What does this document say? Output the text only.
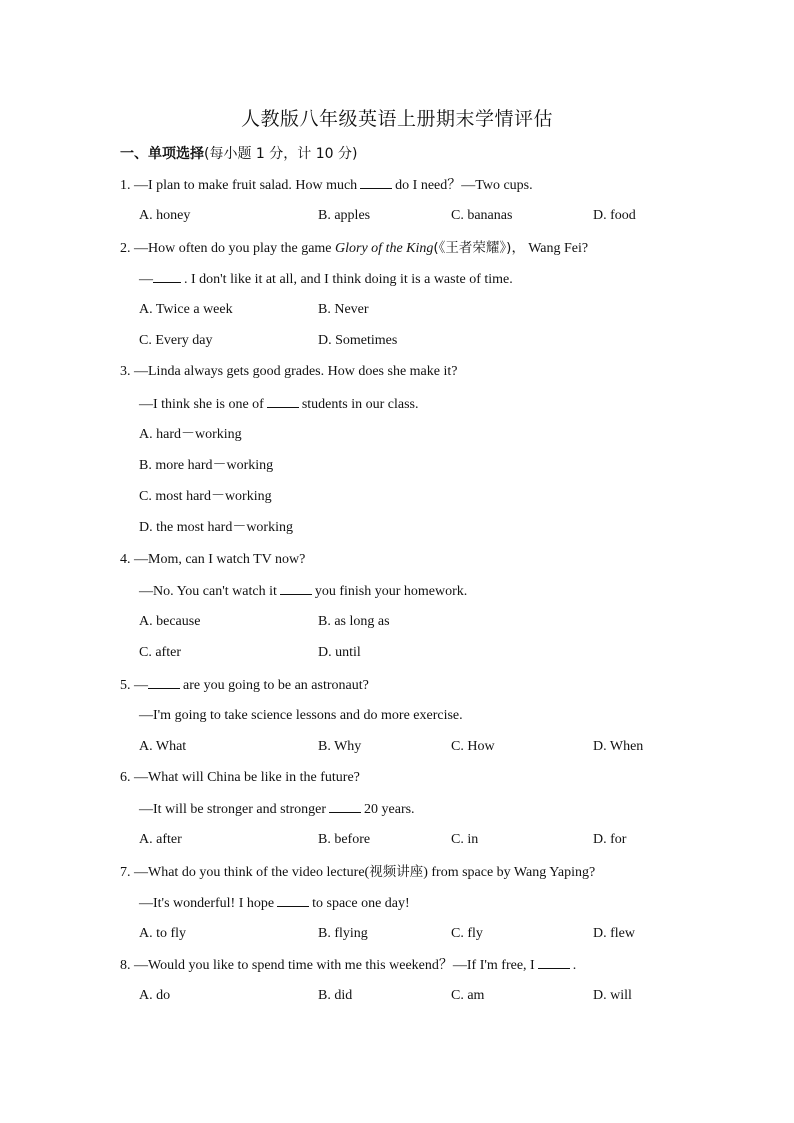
人教版八年级英语上册期末学情评估
一、单项选择(每小题 1 分，计 10 分)
1. —I plan to make fruit salad. How much	do I need？—Two cups.
A. honey	B. apples	C. bananas	D. food
2. —How often do you play the game Glory of the King(《王者荣耀》)， Wang Fei?
— . I don't like it at all, and I think doing it is a waste of time.
A. Twice a week	B. Never
C. Every day	D. Sometimes
3. —Linda always gets good grades. How does she make it?
—I think she is one of	students in our class.
A. hard－working
B. more hard－working
C. most hard－working
D. the most hard－working
4. —Mom, can I watch TV now?
—No. You can't watch it	you finish your homework.
A. because	B. as long as
C. after	D. until
5. —	are you going to be an astronaut?
—I'm going to take science lessons and do more exercise.
A. What	B. Why	C. How	D. When
6. —What will China be like in the future?
—It will be stronger and stronger	20 years.
A. after	B. before	C. in	D. for
7. —What do you think of the video lecture(视频讲座) from space by Wang Yaping?
—It's wonderful! I hope	to space one day!
A. to fly	B. flying	C. fly	D. flew
8. —Would you like to spend time with me this weekend？—If I'm free, I	.
A. do	B. did	C. am	D. will
